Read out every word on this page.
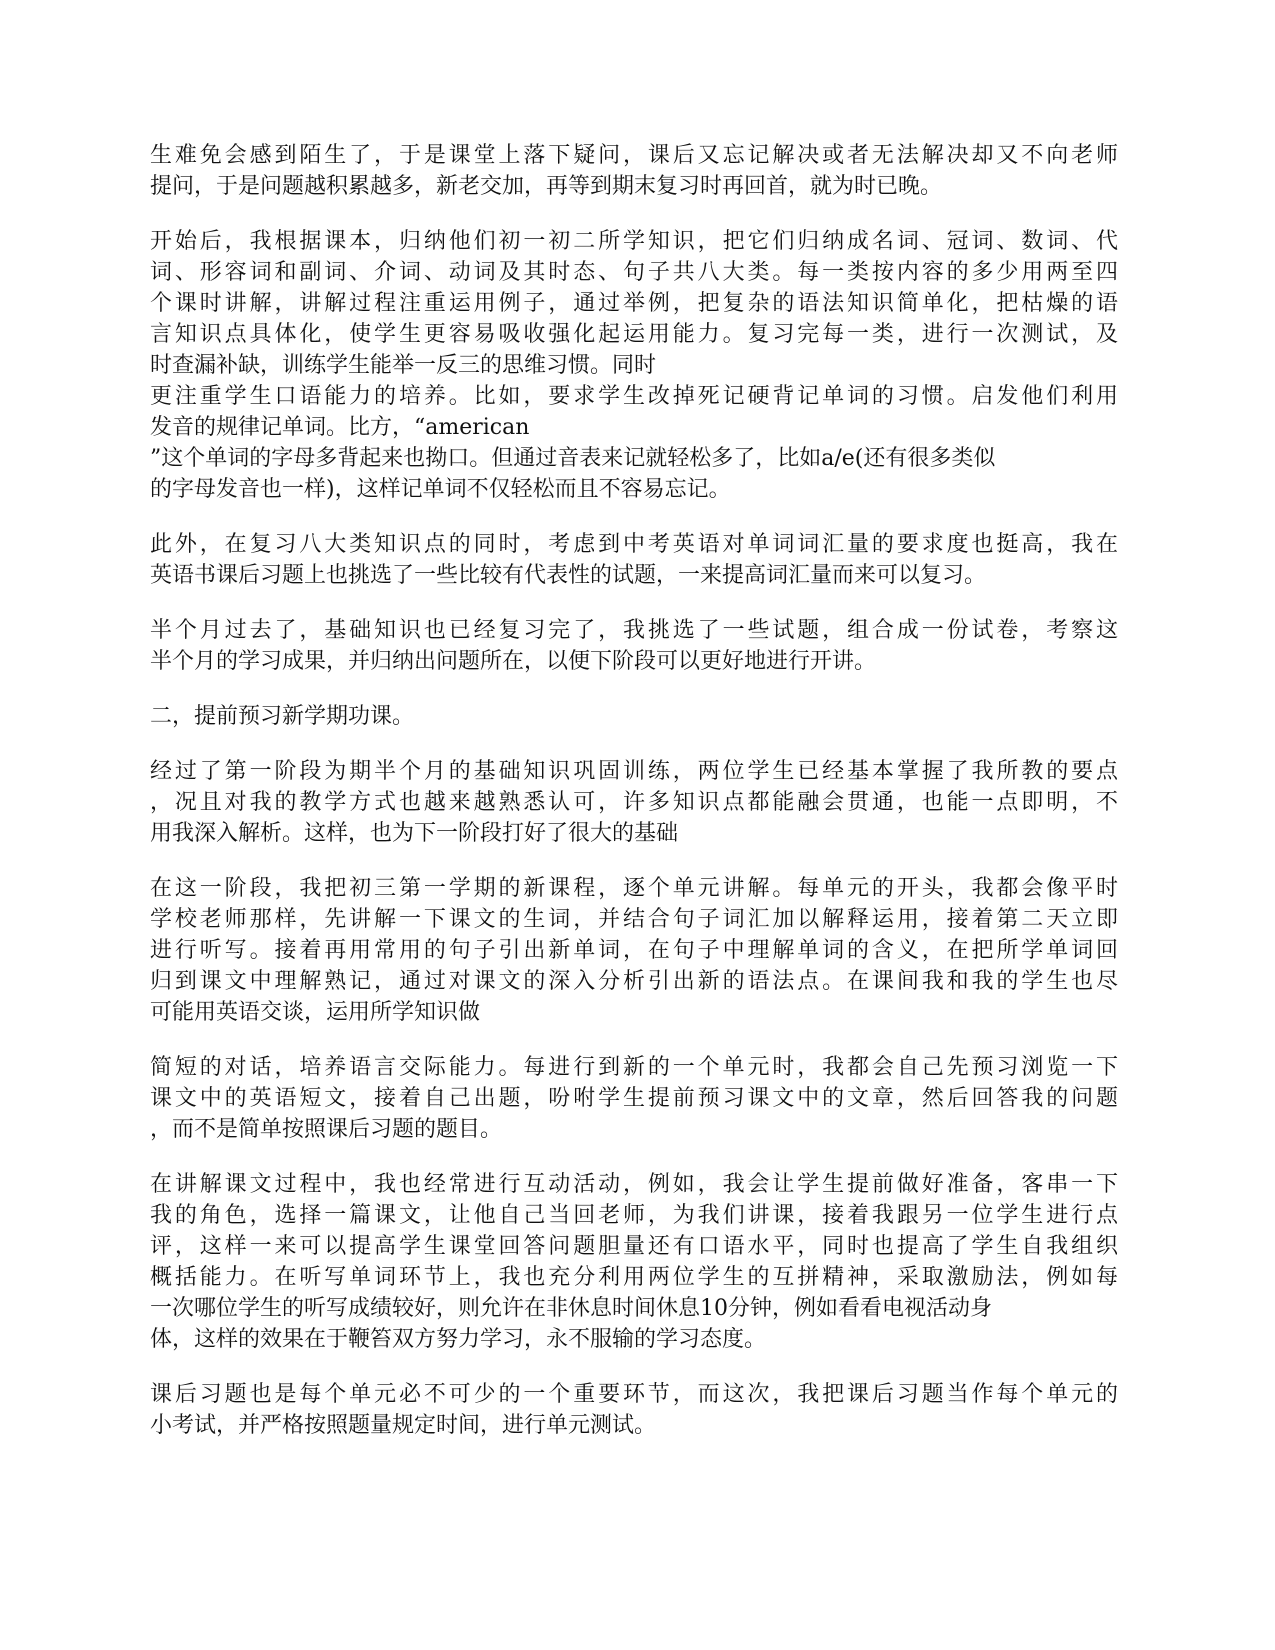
生难免会感到陌生了，于是课堂上落下疑问，课后又忘记解决或者无法解决却又不向老师
提问，于是问题越积累越多，新老交加，再等到期末复习时再回首，就为时已晚。
开始后，我根据课本，归纳他们初一初二所学知识，把它们归纳成名词、冠词、数词、代
词、形容词和副词、介词、动词及其时态、句子共八大类。每一类按内容的多少用两至四
个课时讲解，讲解过程注重运用例子，通过举例，把复杂的语法知识简单化，把枯燥的语
言知识点具体化，使学生更容易吸收强化起运用能力。复习完每一类，进行一次测试，及
时查漏补缺，训练学生能举一反三的思维习惯。同时
更注重学生口语能力的培养。比如，要求学生改掉死记硬背记单词的习惯。启发他们利用
发音的规律记单词。比方，“american
”这个单词的字母多背起来也拗口。但通过音表来记就轻松多了，比如a/e(还有很多类似
的字母发音也一样)，这样记单词不仅轻松而且不容易忘记。
此外，在复习八大类知识点的同时，考虑到中考英语对单词词汇量的要求度也挺高，我在
英语书课后习题上也挑选了一些比较有代表性的试题，一来提高词汇量而来可以复习。
半个月过去了，基础知识也已经复习完了，我挑选了一些试题，组合成一份试卷，考察这
半个月的学习成果，并归纳出问题所在，以便下阶段可以更好地进行开讲。
二，提前预习新学期功课。
经过了第一阶段为期半个月的基础知识巩固训练，两位学生已经基本掌握了我所教的要点
，况且对我的教学方式也越来越熟悉认可，许多知识点都能融会贯通，也能一点即明，不
用我深入解析。这样，也为下一阶段打好了很大的基础
在这一阶段，我把初三第一学期的新课程，逐个单元讲解。每单元的开头，我都会像平时
学校老师那样，先讲解一下课文的生词，并结合句子词汇加以解释运用，接着第二天立即
进行听写。接着再用常用的句子引出新单词，在句子中理解单词的含义，在把所学单词回
归到课文中理解熟记，通过对课文的深入分析引出新的语法点。在课间我和我的学生也尽
可能用英语交谈，运用所学知识做
简短的对话，培养语言交际能力。每进行到新的一个单元时，我都会自己先预习浏览一下
课文中的英语短文，接着自己出题，吩咐学生提前预习课文中的文章，然后回答我的问题
，而不是简单按照课后习题的题目。
在讲解课文过程中，我也经常进行互动活动，例如，我会让学生提前做好准备，客串一下
我的角色，选择一篇课文，让他自己当回老师，为我们讲课，接着我跟另一位学生进行点
评，这样一来可以提高学生课堂回答问题胆量还有口语水平，同时也提高了学生自我组织
概括能力。在听写单词环节上，我也充分利用两位学生的互拼精神，采取激励法，例如每
一次哪位学生的听写成绩较好，则允许在非休息时间休息10分钟，例如看看电视活动身
体，这样的效果在于鞭笞双方努力学习，永不服输的学习态度。
课后习题也是每个单元必不可少的一个重要环节，而这次，我把课后习题当作每个单元的
小考试，并严格按照题量规定时间，进行单元测试。
